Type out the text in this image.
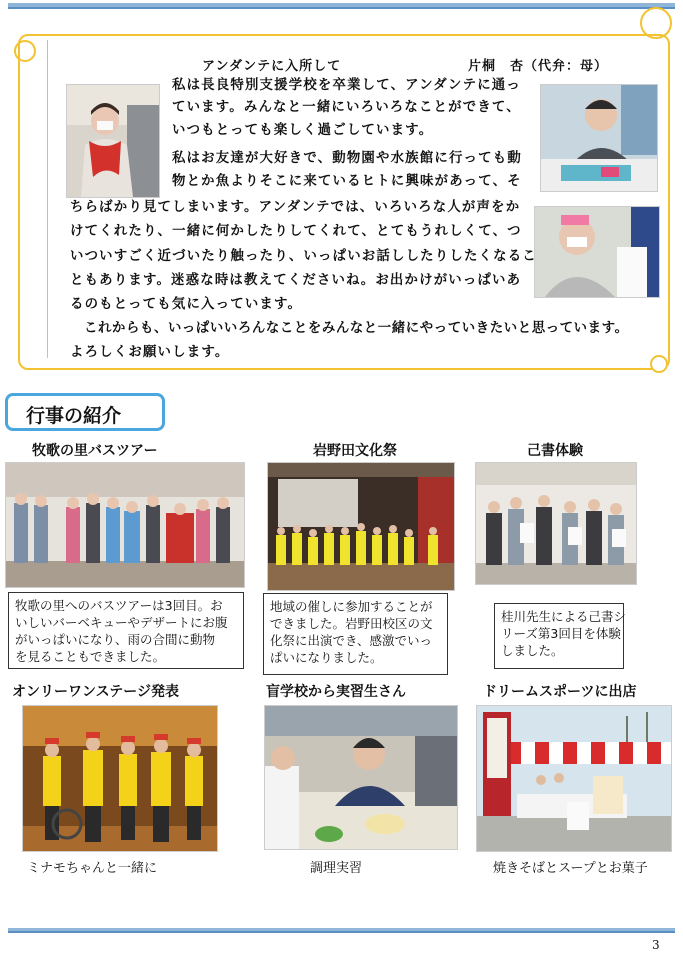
アンダンテに入所して	片桐　杏（代弁：母）
私は長良特別支援学校を卒業して、アンダンテに通っ
ています。みんなと一緒にいろいろなことができて、
いつもとっても楽しく過ごしています。
私はお友達が大好きで、動物園や水族館に行っても動
物とか魚よりそこに来ているヒトに興味があって、そ
ちらばかり見てしまいます。アンダンテでは、いろいろな人が声をか
けてくれたり、一緒に何かしたりしてくれて、とてもうれしくて、つ
いついすごく近づいたり触ったり、いっぱいお話ししたりしたくなるこ
ともあります。迷惑な時は教えてくださいね。お出かけがいっぱいあ
るのもとっても気に入っています。
これからも、いっぱいいろんなことをみんなと一緒にやっていきたいと思っています。
よろしくお願いします。
行事の紹介
牧歌の里バスツアー
牧歌の里へのバスツアーは3回目。お
いしいバーベキューやデザートにお腹
がいっぱいになり、雨の合間に動物
を見ることもできました。
岩野田文化祭
地域の催しに参加することが
できました。岩野田校区の文
化祭に出演でき、感激でいっ
ぱいになりました。
己書体験
桂川先生による己書シ
リーズ第3回目を体験
しました。
オンリーワンステージ発表
ミナモちゃんと一緒に
盲学校から実習生さん
調理実習
ドリームスポーツに出店
焼きそばとスープとお菓子
3
